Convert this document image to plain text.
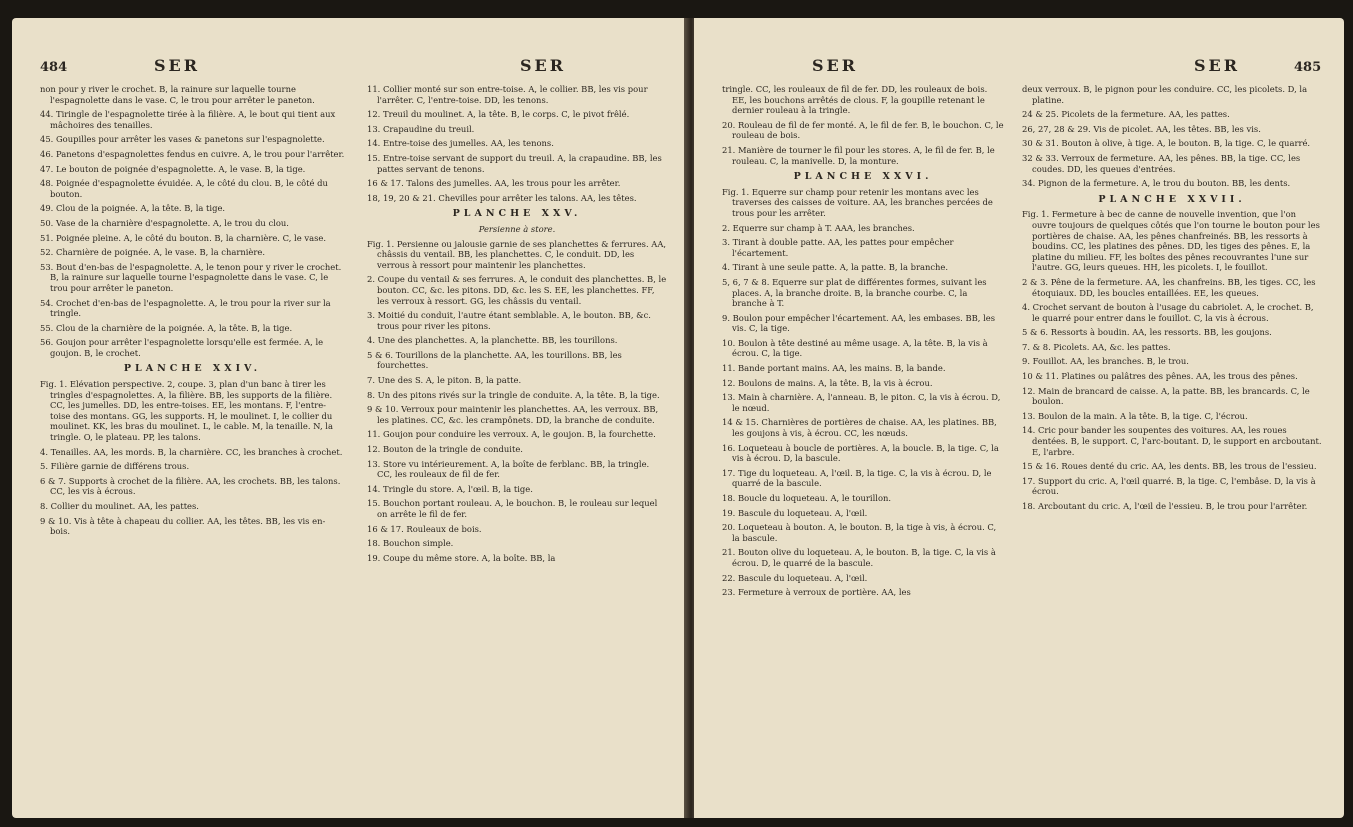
484	SER	SER
non pour y river le crochet. B, la rainure sur laquelle tourne l'espagnolette dans le vase. C, le trou pour arrêter le paneton.
44. Tiringle de l'espagnolette tirée à la filière. A, le bout qui tient aux mâchoires des tenailles.
45. Goupilles pour arrêter les vases & panetons sur l'espagnolette.
46. Panetons d'espagnolettes fendus en cuivre. A, le trou pour l'arrêter.
47. Le bouton de poignée d'espagnolette. A, le vase. B, la tige.
48. Poignée d'espagnolette évuidée. A, le côté du clou. B, le côté du bouton.
49. Clou de la poignée. A, la tête. B, la tige.
50. Vase de la charnière d'espagnolette. A, le trou du clou.
51. Poignée pleine. A, le côté du bouton. B, la charnière. C, le vase.
52. Charnière de poignée. A, le vase. B, la charnière.
53. Bout d'en-bas de l'espagnolette. A, le tenon pour y river le crochet. B, la rainure sur laquelle tourne l'espagnolette dans le vase. C, le trou pour arrêter le paneton.
54. Crochet d'en-bas de l'espagnolette. A, le trou pour la river sur la tringle.
55. Clou de la charnière de la poignée. A, la tête. B, la tige.
56. Goujon pour arrêter l'espagnolette lorsqu'elle est fermée. A, le goujon. B, le crochet.
PLANCHE XXIV.
Fig. 1. Elévation perspective. 2, coupe. 3, plan d'un banc à tirer les tringles d'espagnolettes. A, la filière. BB, les supports de la filière. CC, les jumelles. DD, les entre-toises. EE, les montans. F, l'entre-toise des montans. GG, les supports. H, le moulinet. I, le collier du moulinet. KK, les bras du moulinet. L, le cable. M, la tenaille. N, la tringle. O, le plateau. PP, les talons.
4. Tenailles. AA, les mords. B, la charnière. CC, les branches à crochet.
5. Filière garnie de différens trous.
6 & 7. Supports à crochet de la filière. AA, les crochets. BB, les talons. CC, les vis à écrous.
8. Collier du moulinet. AA, les pattes.
9 & 10. Vis à tête à chapeau du collier. AA, les têtes. BB, les vis en-bois.
11. Collier monté sur son entre-toise. A, le collier. BB, les vis pour l'arrêter. C, l'entre-toise. DD, les tenons.
12. Treuil du moulinet. A, la tête. B, le corps. C, le pivot frêlé.
13. Crapaudine du treuil.
14. Entre-toise des jumelles. AA, les tenons.
15. Entre-toise servant de support du treuil. A, la crapaudine. BB, les pattes servant de tenons.
16 & 17. Talons des jumelles. AA, les trous pour les arrêter.
18, 19, 20 & 21. Chevilles pour arrêter les talons. AA, les têtes.
PLANCHE XXV.
Persienne à store.
Fig. 1. Persienne ou jalousie garnie de ses planchettes & ferrures. AA, châssis du ventail. BB, les planchettes. C, le conduit. DD, les verrous à ressort pour maintenir les planchettes.
2. Coupe du ventail & ses ferrures. A, le conduit des planchettes. B, le bouton. CC, &c. les pitons. DD, &c. les S. EE, les planchettes. FF, les verroux à ressort. GG, les châssis du ventail.
3. Moitié du conduit, l'autre étant semblable. A, le bouton. BB, &c. trous pour river les pitons.
4. Une des planchettes. A, la planchette. BB, les tourillons.
5 & 6. Tourillons de la planchette. AA, les tourillons. BB, les fourchettes.
7. Une des S. A, le piton. B, la patte.
8. Un des pitons rivés sur la tringle de conduite. A, la tête. B, la tige.
9 & 10. Verroux pour maintenir les planchettes. AA, les verroux. BB, les platines. CC, &c. les crampônets. DD, la branche de conduite.
11. Goujon pour conduire les verroux. A, le goujon. B, la fourchette.
12. Bouton de la tringle de conduite.
13. Store vu intérieurement. A, la boîte de ferblanc. BB, la tringle. CC, les rouleaux de fil de fer.
14. Tringle du store. A, l'œil. B, la tige.
15. Bouchon portant rouleau. A, le bouchon. B, le rouleau sur lequel on arrête le fil de fer.
16 & 17. Rouleaux de bois.
18. Bouchon simple.
19. Coupe du même store. A, la boîte. BB, la
SER	SER	485
tringle. CC, les rouleaux de fil de fer. DD, les rouleaux de bois. EE, les bouchons arrêtés de clous. F, la goupille retenant le dernier rouleau à la tringle.
20. Rouleau de fil de fer monté. A, le fil de fer. B, le bouchon. C, le rouleau de bois.
21. Manière de tourner le fil pour les stores. A, le fil de fer. B, le rouleau. C, la manivelle. D, la monture.
PLANCHE XXVI.
Fig. 1. Equerre sur champ pour retenir les montans avec les traverses des caisses de voiture. AA, les branches percées de trous pour les arrêter.
2. Equerre sur champ à T. AAA, les branches.
3. Tirant à double patte. AA, les pattes pour empêcher l'écartement.
4. Tirant à une seule patte. A, la patte. B, la branche.
5, 6, 7 & 8. Equerre sur plat de différentes formes, suivant les places. A, la branche droite. B, la branche courbe. C, la branche à T.
9. Boulon pour empêcher l'écartement. AA, les embases. BB, les vis. C, la tige.
10. Boulon à tête destiné au même usage. A, la tête. B, la vis à écrou. C, la tige.
11. Bande portant mains. AA, les mains. B, la bande.
12. Boulons de mains. A, la tête. B, la vis à écrou.
13. Main à charnière. A, l'anneau. B, le piton. C, la vis à écrou. D, le nœud.
14 & 15. Charnières de portières de chaise. AA, les platines. BB, les goujons à vis, à écrou. CC, les nœuds.
16. Loqueteau à boucle de portières. A, la boucle. B, la tige. C, la vis à écrou. D, la bascule.
17. Tige du loqueteau. A, l'œil. B, la tige. C, la vis à écrou. D, le quarré de la bascule.
18. Boucle du loqueteau. A, le tourillon.
19. Bascule du loqueteau. A, l'œil.
20. Loqueteau à bouton. A, le bouton. B, la tige à vis, à écrou. C, la bascule.
21. Bouton olive du loqueteau. A, le bouton. B, la tige. C, la vis à écrou. D, le quarré de la bascule.
22. Bascule du loqueteau. A, l'œil.
23. Fermeture à verroux de portière. AA, les
deux verroux. B, le pignon pour les conduire. CC, les picolets. D, la platine.
24 & 25. Picolets de la fermeture. AA, les pattes.
26, 27, 28 & 29. Vis de picolet. AA, les têtes. BB, les vis.
30 & 31. Bouton à olive, à tige. A, le bouton. B, la tige. C, le quarré.
32 & 33. Verroux de fermeture. AA, les pênes. BB, la tige. CC, les coudes. DD, les queues d'entrées.
34. Pignon de la fermeture. A, le trou du bouton. BB, les dents.
PLANCHE XXVII.
Fig. 1. Fermeture à bec de canne de nouvelle invention, que l'on ouvre toujours de quelques côtés que l'on tourne le bouton pour les portières de chaise. AA, les pênes chanfreinés. BB, les ressorts à boudins. CC, les platines des pênes. DD, les tiges des pênes. E, la platine du milieu. FF, les boîtes des pênes recouvrantes l'une sur l'autre. GG, leurs queues. HH, les picolets. I, le fouillot.
2 & 3. Pêne de la fermeture. AA, les chanfreins. BB, les tiges. CC, les étoquiaux. DD, les boucles entaillées. EE, les queues.
4. Crochet servant de bouton à l'usage du cabriolet. A, le crochet. B, le quarré pour entrer dans le fouillot. C, la vis à écrous.
5 & 6. Ressorts à boudin. AA, les ressorts. BB, les goujons.
7. & 8. Picolets. AA, &c. les pattes.
9. Fouillot. AA, les branches. B, le trou.
10 & 11. Platines ou palâtres des pênes. AA, les trous des pênes.
12. Main de brancard de caisse. A, la patte. BB, les brancards. C, le boulon.
13. Boulon de la main. A la tête. B, la tige. C, l'écrou.
14. Cric pour bander les soupentes des voitures. AA, les roues dentées. B, le support. C, l'arc-boutant. D, le support en arcboutant. E, l'arbre.
15 & 16. Roues denté du cric. AA, les dents. BB, les trous de l'essieu.
17. Support du cric. A, l'œil quarré. B, la tige. C, l'embâse. D, la vis à écrou.
18. Arcboutant du cric. A, l'œil de l'essieu. B, le trou pour l'arrêter.
